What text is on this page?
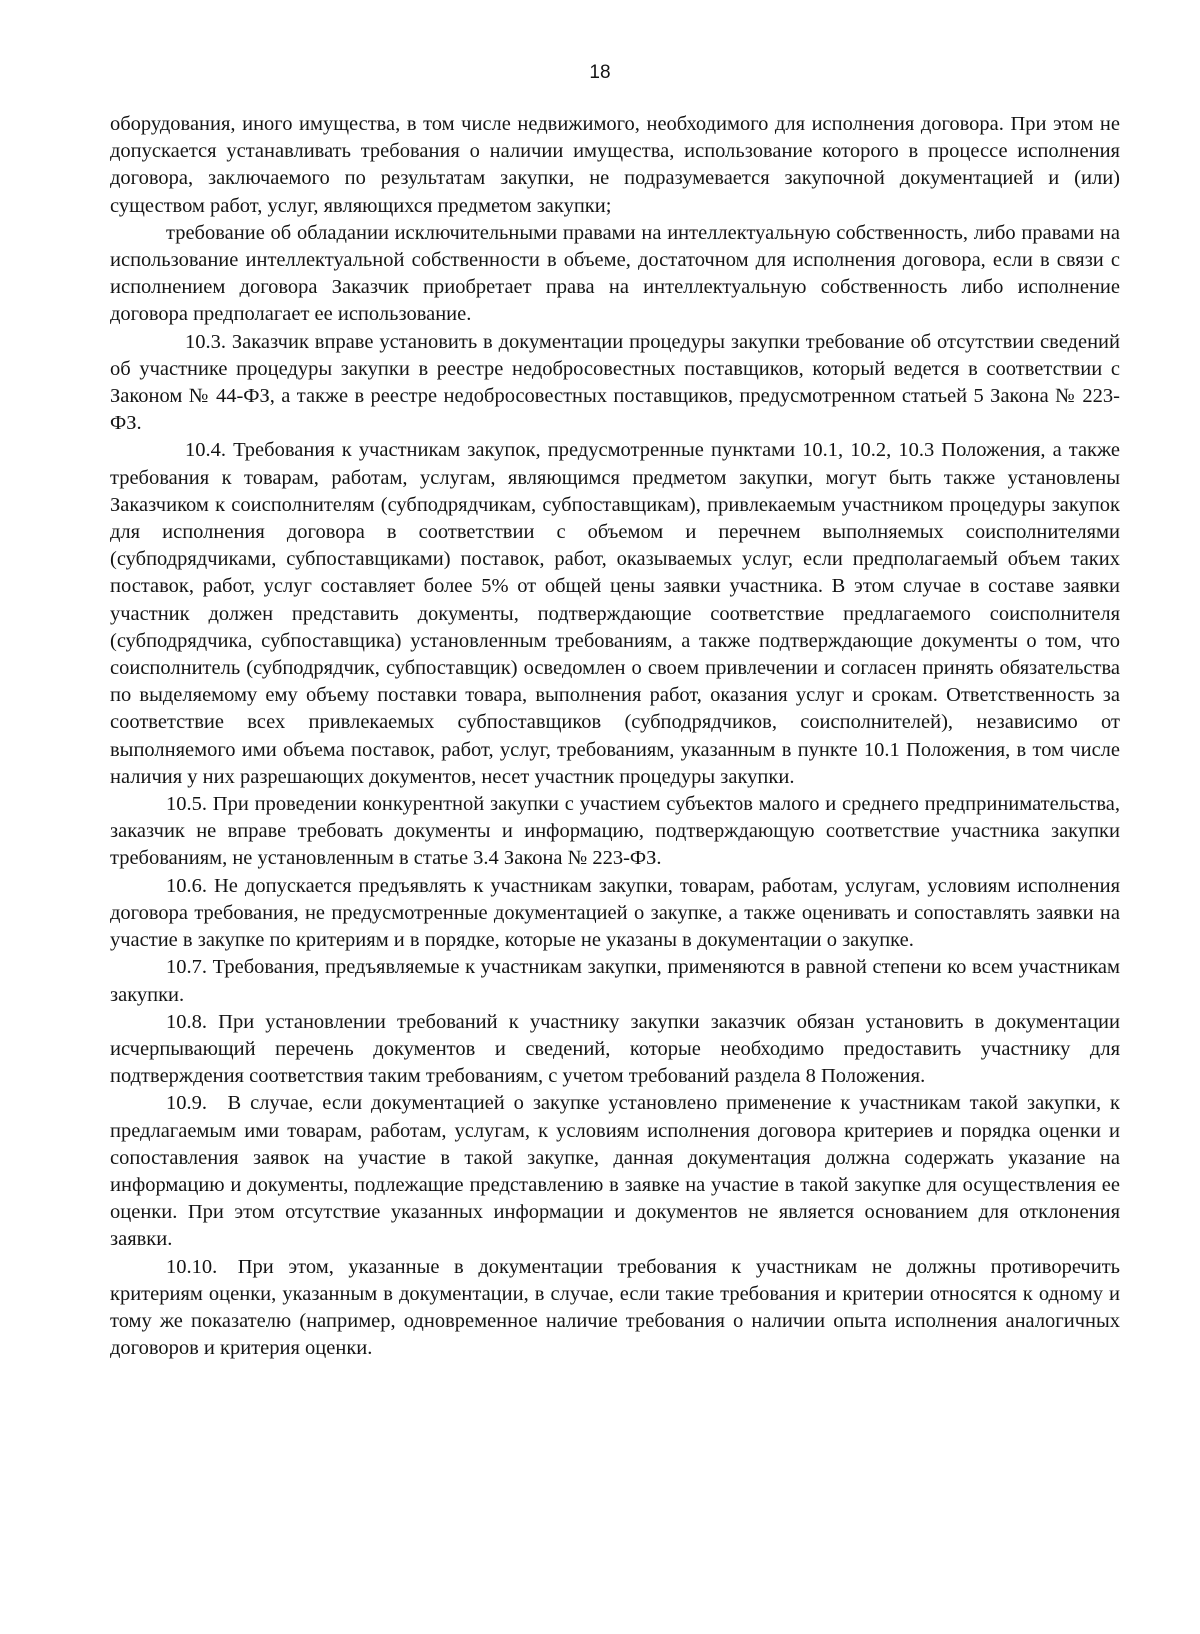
18

оборудования, иного имущества, в том числе недвижимого, необходимого для исполнения договора. При этом не допускается устанавливать требования о наличии имущества, использование которого в процессе исполнения договора, заключаемого по результатам закупки, не подразумевается закупочной документацией и (или) существом работ, услуг, являющихся предметом закупки;

требование об обладании исключительными правами на интеллектуальную собственность, либо правами на использование интеллектуальной собственности в объеме, достаточном для исполнения договора, если в связи с исполнением договора Заказчик приобретает права на интеллектуальную собственность либо исполнение договора предполагает ее использование.

10.3. Заказчик вправе установить в документации процедуры закупки требование об отсутствии сведений об участнике процедуры закупки в реестре недобросовестных поставщиков, который ведется в соответствии с Законом № 44-ФЗ, а также в реестре недобросовестных поставщиков, предусмотренном статьей 5 Закона № 223-ФЗ.

10.4. Требования к участникам закупок, предусмотренные пунктами 10.1, 10.2, 10.3 Положения, а также требования к товарам, работам, услугам, являющимся предметом закупки, могут быть также установлены Заказчиком к соисполнителям (субподрядчикам, субпоставщикам), привлекаемым участником процедуры закупок для исполнения договора в соответствии с объемом и перечнем выполняемых соисполнителями (субподрядчиками, субпоставщиками) поставок, работ, оказываемых услуг, если предполагаемый объем таких поставок, работ, услуг составляет более 5% от общей цены заявки участника. В этом случае в составе заявки участник должен представить документы, подтверждающие соответствие предлагаемого соисполнителя (субподрядчика, субпоставщика) установленным требованиям, а также подтверждающие документы о том, что соисполнитель (субподрядчик, субпоставщик) осведомлен о своем привлечении и согласен принять обязательства по выделяемому ему объему поставки товара, выполнения работ, оказания услуг и срокам. Ответственность за соответствие всех привлекаемых субпоставщиков (субподрядчиков, соисполнителей), независимо от выполняемого ими объема поставок, работ, услуг, требованиям, указанным в пункте 10.1 Положения, в том числе наличия у них разрешающих документов, несет участник процедуры закупки.

10.5. При проведении конкурентной закупки с участием субъектов малого и среднего предпринимательства, заказчик не вправе требовать документы и информацию, подтверждающую соответствие участника закупки требованиям, не установленным в статье 3.4 Закона № 223-ФЗ.

10.6. Не допускается предъявлять к участникам закупки, товарам, работам, услугам, условиям исполнения договора требования, не предусмотренные документацией о закупке, а также оценивать и сопоставлять заявки на участие в закупке по критериям и в порядке, которые не указаны в документации о закупке.

10.7. Требования, предъявляемые к участникам закупки, применяются в равной степени ко всем участникам закупки.

10.8. При установлении требований к участнику закупки заказчик обязан установить в документации исчерпывающий перечень документов и сведений, которые необходимо предоставить участнику для подтверждения соответствия таким требованиям, с учетом требований раздела 8 Положения.

10.9. В случае, если документацией о закупке установлено применение к участникам такой закупки, к предлагаемым ими товарам, работам, услугам, к условиям исполнения договора критериев и порядка оценки и сопоставления заявок на участие в такой закупке, данная документация должна содержать указание на информацию и документы, подлежащие представлению в заявке на участие в такой закупке для осуществления ее оценки. При этом отсутствие указанных информации и документов не является основанием для отклонения заявки.

10.10. При этом, указанные в документации требования к участникам не должны противоречить критериям оценки, указанным в документации, в случае, если такие требования и критерии относятся к одному и тому же показателю (например, одновременное наличие требования о наличии опыта исполнения аналогичных договоров и критерия оценки.
